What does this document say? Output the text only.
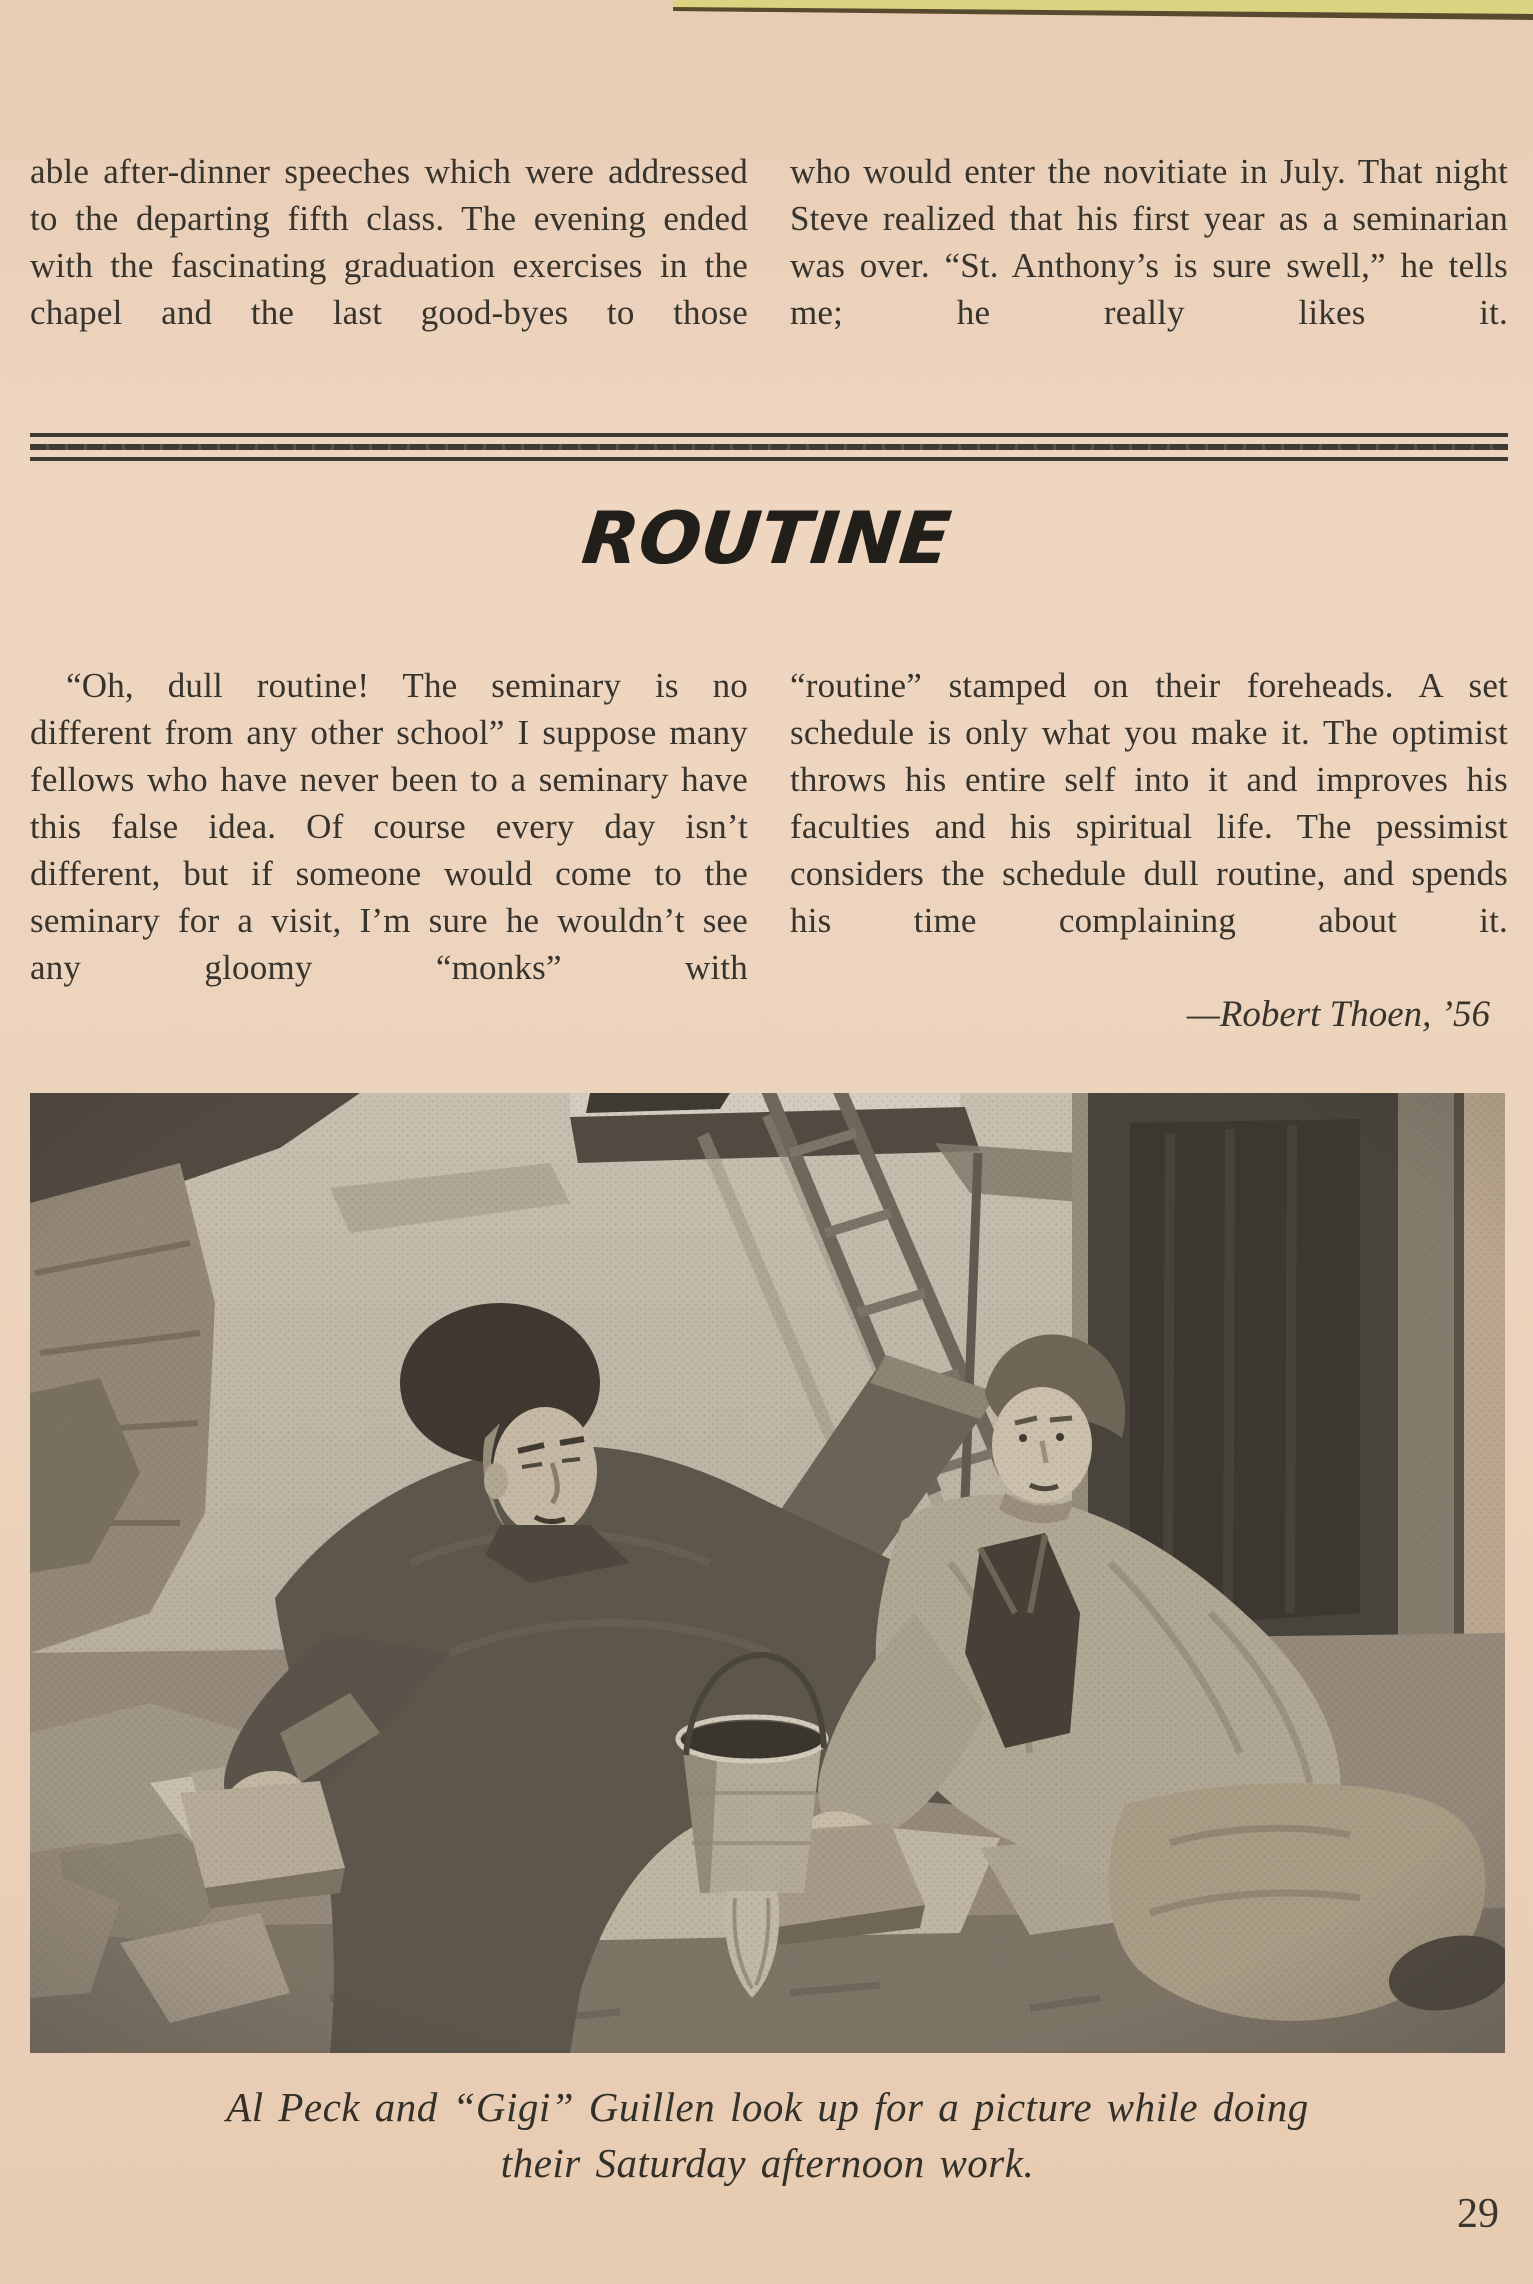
able after-dinner speeches which were addressed to the departing fifth class. The evening ended with the fascinating graduation exercises in the chapel and the last good-byes to those

who would enter the novitiate in July. That night Steve realized that his first year as a seminarian was over. “St. Anthony’s is sure swell,” he tells me; he really likes it.

ROUTINE

“Oh, dull routine! The seminary is no different from any other school” I suppose many fellows who have never been to a seminary have this false idea. Of course every day isn’t different, but if someone would come to the seminary for a visit, I’m sure he wouldn’t see any gloomy “monks” with

“routine” stamped on their foreheads. A set schedule is only what you make it. The optimist throws his entire self into it and improves his faculties and his spiritual life. The pessimist considers the schedule dull routine, and spends his time complaining about it.

—Robert Thoen, ’56

Al Peck and “Gigi” Guillen look up for a picture while doing
their Saturday afternoon work.
29
